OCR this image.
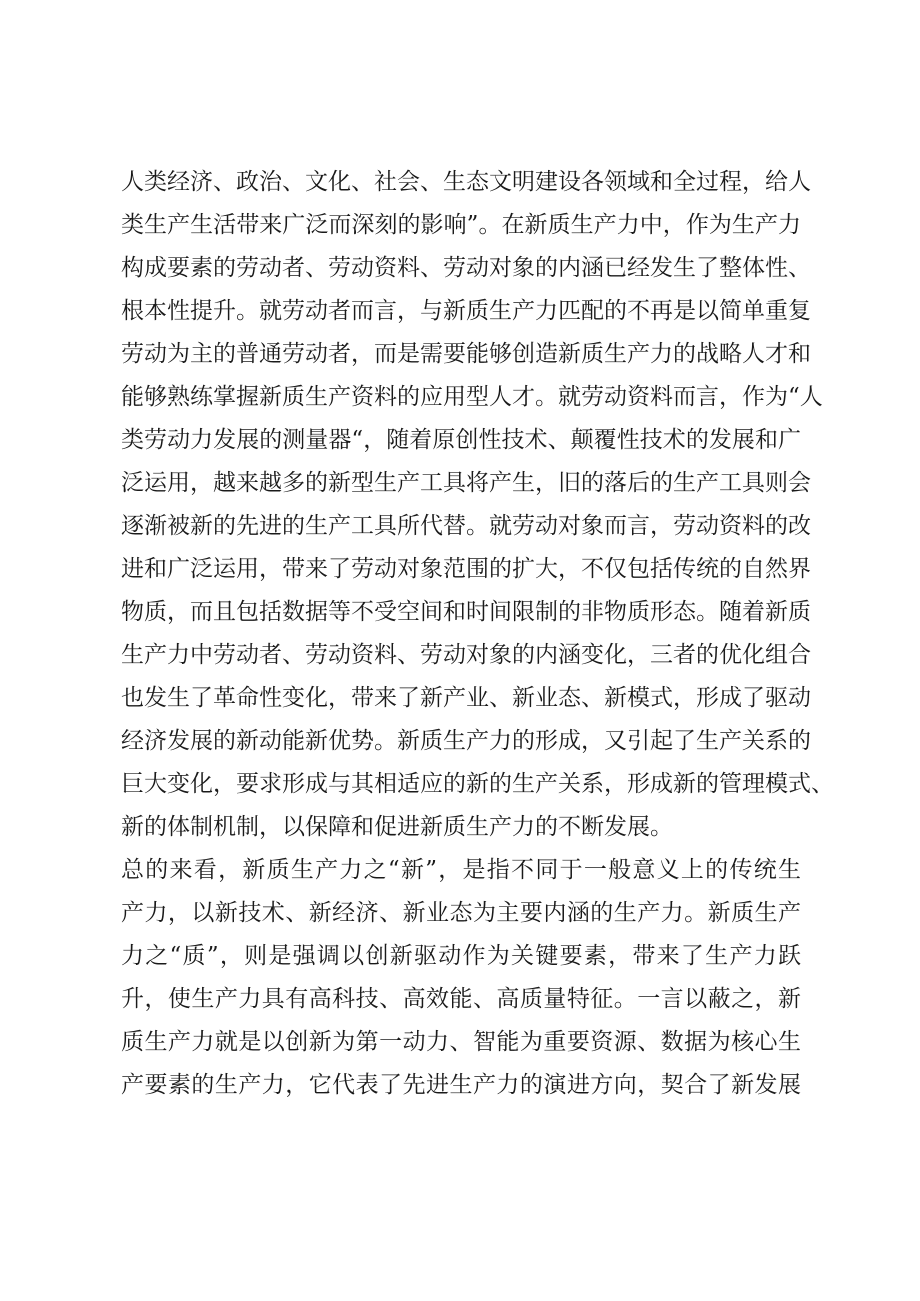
人类经济、政治、文化、社会、生态文明建设各领域和全过程，给人
类生产生活带来广泛而深刻的影响”。在新质生产力中，作为生产力
构成要素的劳动者、劳动资料、劳动对象的内涵已经发生了整体性、
根本性提升。就劳动者而言，与新质生产力匹配的不再是以简单重复
劳动为主的普通劳动者，而是需要能够创造新质生产力的战略人才和
能够熟练掌握新质生产资料的应用型人才。就劳动资料而言，作为“人
类劳动力发展的测量器“，随着原创性技术、颠覆性技术的发展和广
泛运用，越来越多的新型生产工具将产生，旧的落后的生产工具则会
逐渐被新的先进的生产工具所代替。就劳动对象而言，劳动资料的改
进和广泛运用，带来了劳动对象范围的扩大，不仅包括传统的自然界
物质，而且包括数据等不受空间和时间限制的非物质形态。随着新质
生产力中劳动者、劳动资料、劳动对象的内涵变化，三者的优化组合
也发生了革命性变化，带来了新产业、新业态、新模式，形成了驱动
经济发展的新动能新优势。新质生产力的形成，又引起了生产关系的
巨大变化，要求形成与其相适应的新的生产关系，形成新的管理模式、
新的体制机制，以保障和促进新质生产力的不断发展。
总的来看，新质生产力之“新”，是指不同于一般意义上的传统生
产力，以新技术、新经济、新业态为主要内涵的生产力。新质生产
力之“质”，则是强调以创新驱动作为关键要素，带来了生产力跃
升，使生产力具有高科技、高效能、高质量特征。一言以蔽之，新
质生产力就是以创新为第一动力、智能为重要资源、数据为核心生
产要素的生产力，它代表了先进生产力的演进方向，契合了新发展
